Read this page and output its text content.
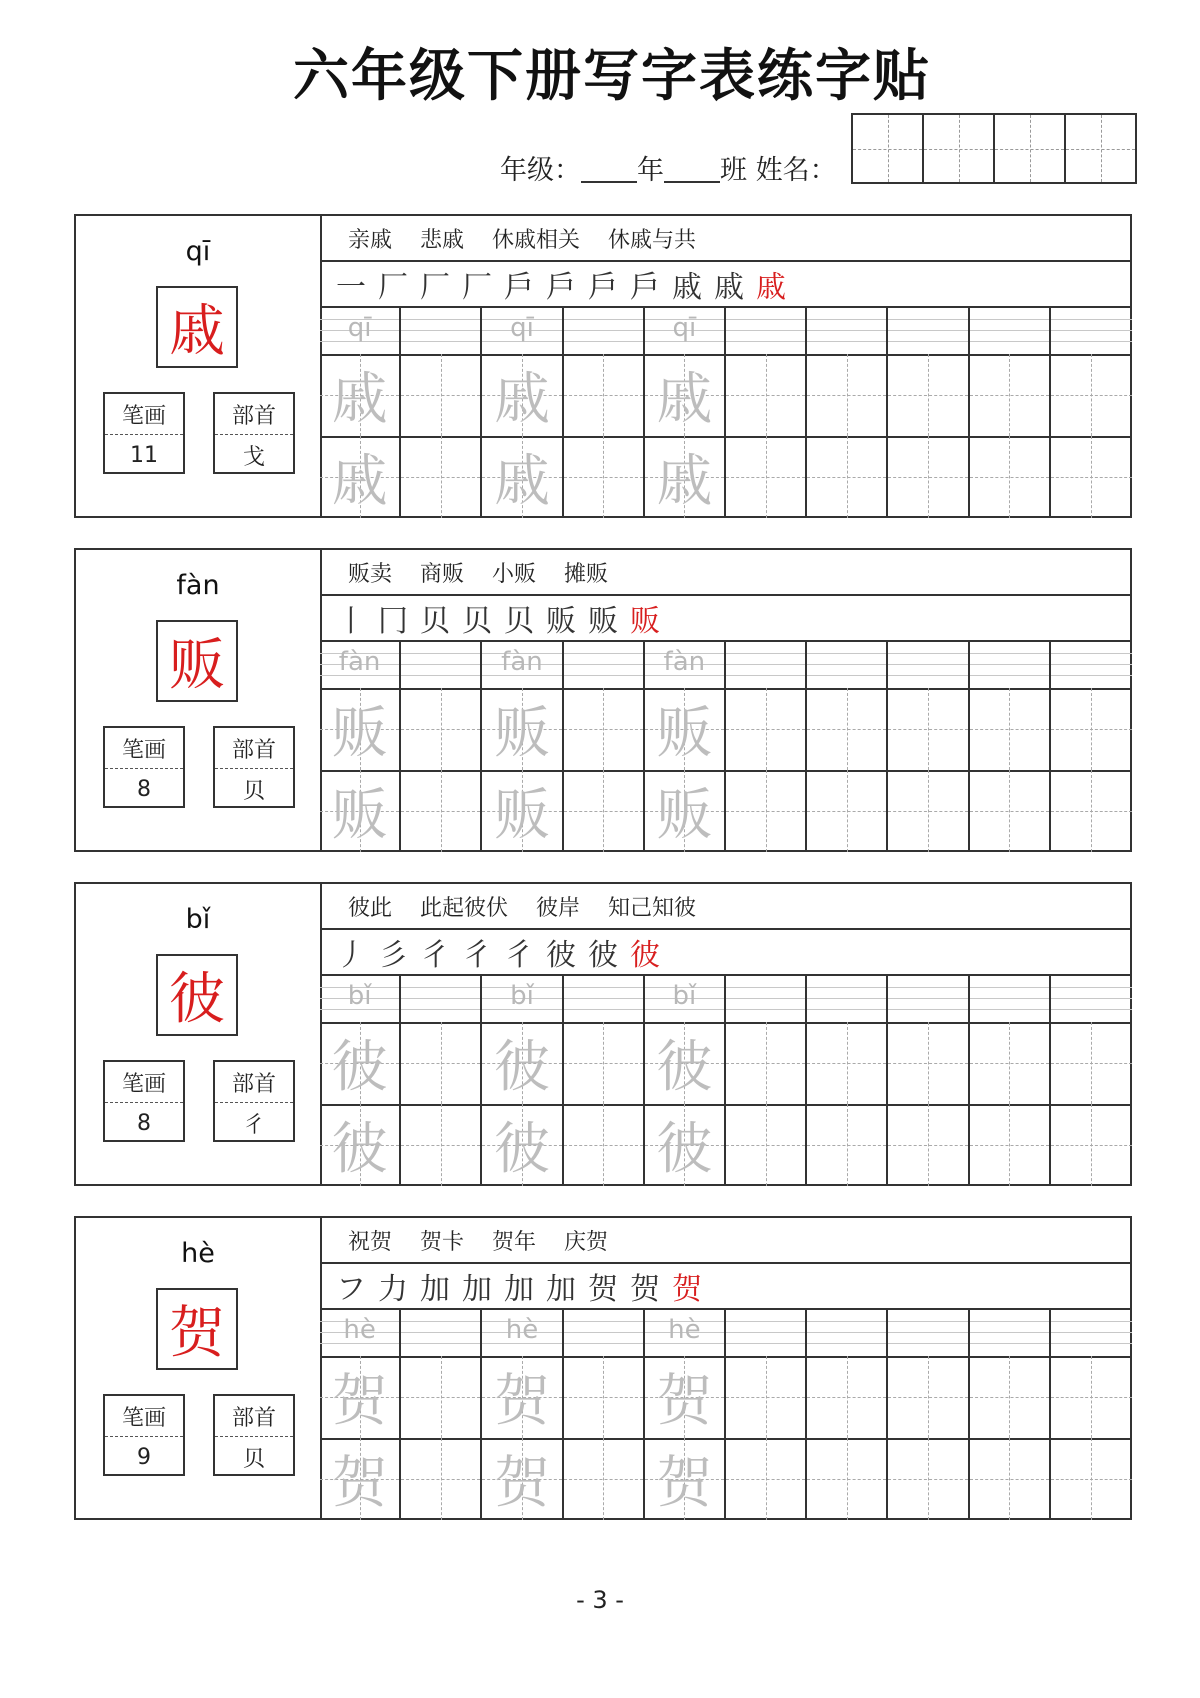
六年级下册写字表练字贴
年级： 年 班 姓名：
qī
戚
笔画
11
部首
戈
亲戚 悲戚 休戚相关 休戚与共
一 厂 厂 厂 戶 戶 戶 戶 戚 戚 戚
qī	qī	qī
戚 戚 戚
戚 戚 戚
fàn
贩
笔画
8
部首
贝
贩卖 商贩 小贩 摊贩
丨 冂 贝 贝 贝 贩 贩 贩
fàn	fàn	fàn
贩 贩 贩
贩 贩 贩
bǐ
彼
笔画
8
部首
彳
彼此 此起彼伏 彼岸 知己知彼
丿 彡 彳 彳 彳 彼 彼 彼
bǐ	bǐ	bǐ
彼 彼 彼
彼 彼 彼
hè
贺
笔画
9
部首
贝
祝贺 贺卡 贺年 庆贺
フ 力 加 加 加 加 贺 贺 贺
hè	hè	hè
贺 贺 贺
贺 贺 贺
- 3 -
